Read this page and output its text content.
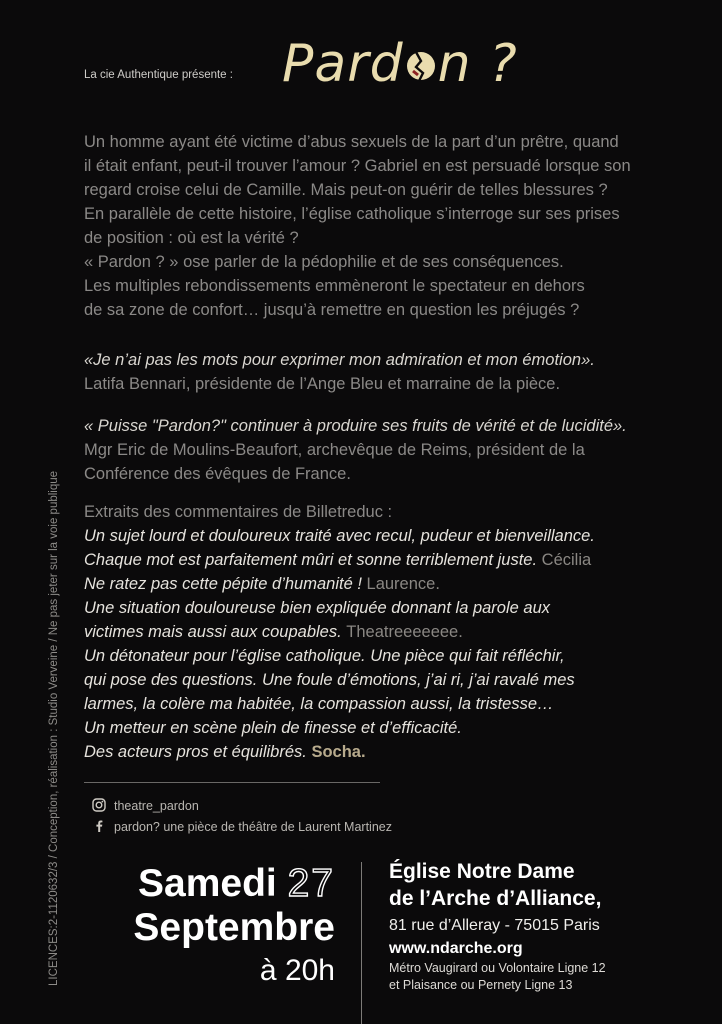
La cie Authentique présente : Pard n ?

Un homme ayant été victime d’abus sexuels de la part d’un prêtre, quand

il était enfant, peut-il trouver l’amour ? Gabriel en est persuadé lorsque son

regard croise celui de Camille. Mais peut-on guérir de telles blessures ?

En parallèle de cette histoire, l’église catholique s’interroge sur ses prises

de position : où est la vérité ?

« Pardon ? » ose parler de la pédophilie et de ses conséquences.

Les multiples rebondissements emmèneront le spectateur en dehors

de sa zone de confort… jusqu’à remettre en question les préjugés ?

«Je n’ai pas les mots pour exprimer mon admiration et mon émotion».
Latifa Bennari, présidente de l’Ange Bleu et marraine de la pièce.
« Puisse "Pardon?" continuer à produire ses fruits de vérité et de lucidité».
Mgr Eric de Moulins-Beaufort, archevêque de Reims, président de la
Conférence des évêques de France.
Extraits des commentaires de Billetreduc :
Un sujet lourd et douloureux traité avec recul, pudeur et bienveillance.
Chaque mot est parfaitement mûri et sonne terriblement juste. Cécilia
Ne ratez pas cette pépite d’humanité ! Laurence.
Une situation douloureuse bien expliquée donnant la parole aux
victimes mais aussi aux coupables. Theatreeeeeee.
Un détonateur pour l’église catholique. Une pièce qui fait réfléchir,
qui pose des questions. Une foule d’émotions, j’ai ri, j’ai ravalé mes
larmes, la colère ma habitée, la compassion aussi, la tristesse…
Un metteur en scène plein de finesse et d’efficacité.
Des acteurs pros et équilibrés. Socha.
theatre_pardon
pardon? une pièce de théâtre de Laurent Martinez
Samedi 27
Septembre
à 20h
Église Notre Dame
de l’Arche d’Alliance,
81 rue d’Alleray - 75015 Paris
www.ndarche.org
Métro Vaugirard ou Volontaire Ligne 12
et Plaisance ou Pernety Ligne 13
LICENCES:2-1120632/3 / Conception, réalisation : Studio Verveine / Ne pas jeter sur la voie publique
